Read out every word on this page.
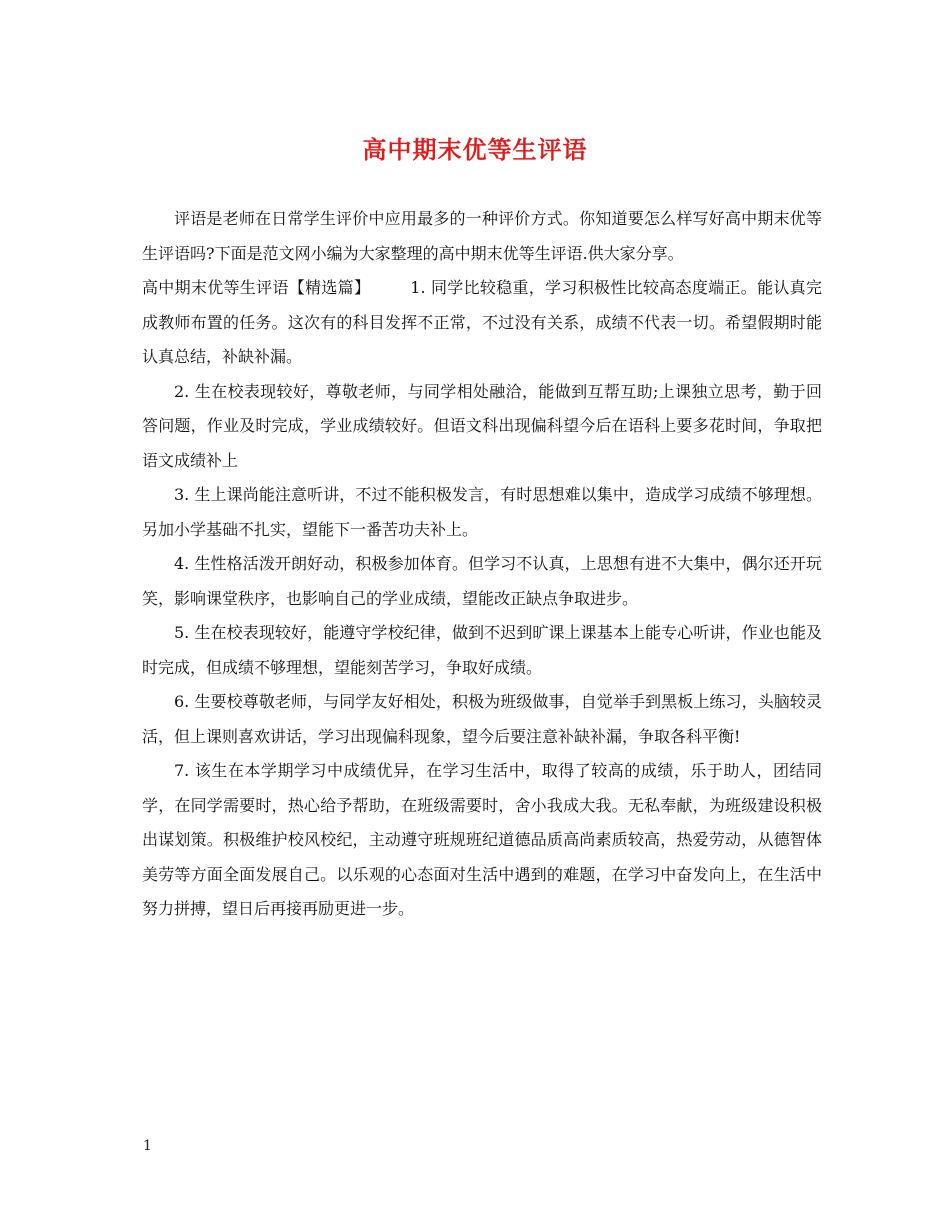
高中期末优等生评语

评语是老师在日常学生评价中应用最多的一种评价方式。你知道要怎么样写好高中期末优等生评语吗?下面是范文网小编为大家整理的高中期末优等生评语.供大家分享。

高中期末优等生评语【精选篇】	1. 同学比较稳重，学习积极性比较高态度端正。能认真完成教师布置的任务。这次有的科目发挥不正常，不过没有关系，成绩不代表一切。希望假期时能认真总结，补缺补漏。

2. 生在校表现较好，尊敬老师，与同学相处融洽，能做到互帮互助;上课独立思考，勤于回答问题，作业及时完成，学业成绩较好。但语文科出现偏科望今后在语科上要多花时间，争取把语文成绩补上

3. 生上课尚能注意听讲，不过不能积极发言，有时思想难以集中，造成学习成绩不够理想。另加小学基础不扎实，望能下一番苦功夫补上。

4. 生性格活泼开朗好动，积极参加体育。但学习不认真，上思想有进不大集中，偶尔还开玩笑，影响课堂秩序，也影响自己的学业成绩，望能改正缺点争取进步。

5. 生在校表现较好，能遵守学校纪律，做到不迟到旷课上课基本上能专心听讲，作业也能及时完成，但成绩不够理想，望能刻苦学习，争取好成绩。

6. 生要校尊敬老师，与同学友好相处，积极为班级做事，自觉举手到黑板上练习，头脑较灵活，但上课则喜欢讲话，学习出现偏科现象，望今后要注意补缺补漏，争取各科平衡!

7. 该生在本学期学习中成绩优异，在学习生活中，取得了较高的成绩，乐于助人，团结同学，在同学需要时，热心给予帮助，在班级需要时，舍小我成大我。无私奉献，为班级建设积极出谋划策。积极维护校风校纪，主动遵守班规班纪道德品质高尚素质较高，热爱劳动，从德智体美劳等方面全面发展自己。以乐观的心态面对生活中遇到的难题，在学习中奋发向上，在生活中努力拼搏，望日后再接再励更进一步。

1
